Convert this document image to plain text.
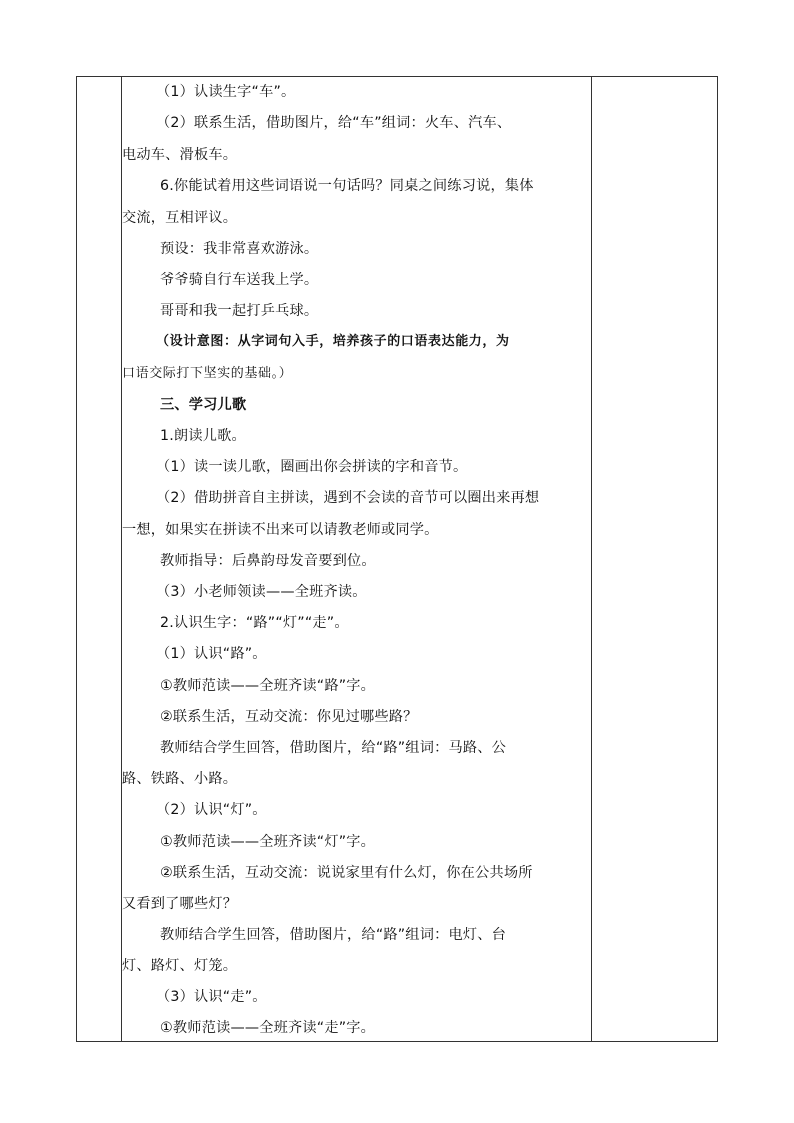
（1）认读生字“车”。
（2）联系生活，借助图片，给“车”组词：火车、汽车、
电动车、滑板车。
6.你能试着用这些词语说一句话吗？同桌之间练习说，集体
交流，互相评议。
预设：我非常喜欢游泳。
爷爷骑自行车送我上学。
哥哥和我一起打乒乓球。
（设计意图：从字词句入手，培养孩子的口语表达能力，为
口语交际打下坚实的基础。）
三、学习儿歌
1.朗读儿歌。
（1）读一读儿歌，圈画出你会拼读的字和音节。
（2）借助拼音自主拼读，遇到不会读的音节可以圈出来再想
一想，如果实在拼读不出来可以请教老师或同学。
教师指导：后鼻韵母发音要到位。
（3）小老师领读——全班齐读。
2.认识生字：“路”“灯”“走”。
（1）认识“路”。
①教师范读——全班齐读“路”字。
②联系生活，互动交流：你见过哪些路？
教师结合学生回答，借助图片，给“路”组词：马路、公
路、铁路、小路。
（2）认识“灯”。
①教师范读——全班齐读“灯”字。
②联系生活，互动交流：说说家里有什么灯，你在公共场所
又看到了哪些灯？
教师结合学生回答，借助图片，给“路”组词：电灯、台
灯、路灯、灯笼。
（3）认识“走”。
①教师范读——全班齐读“走”字。
